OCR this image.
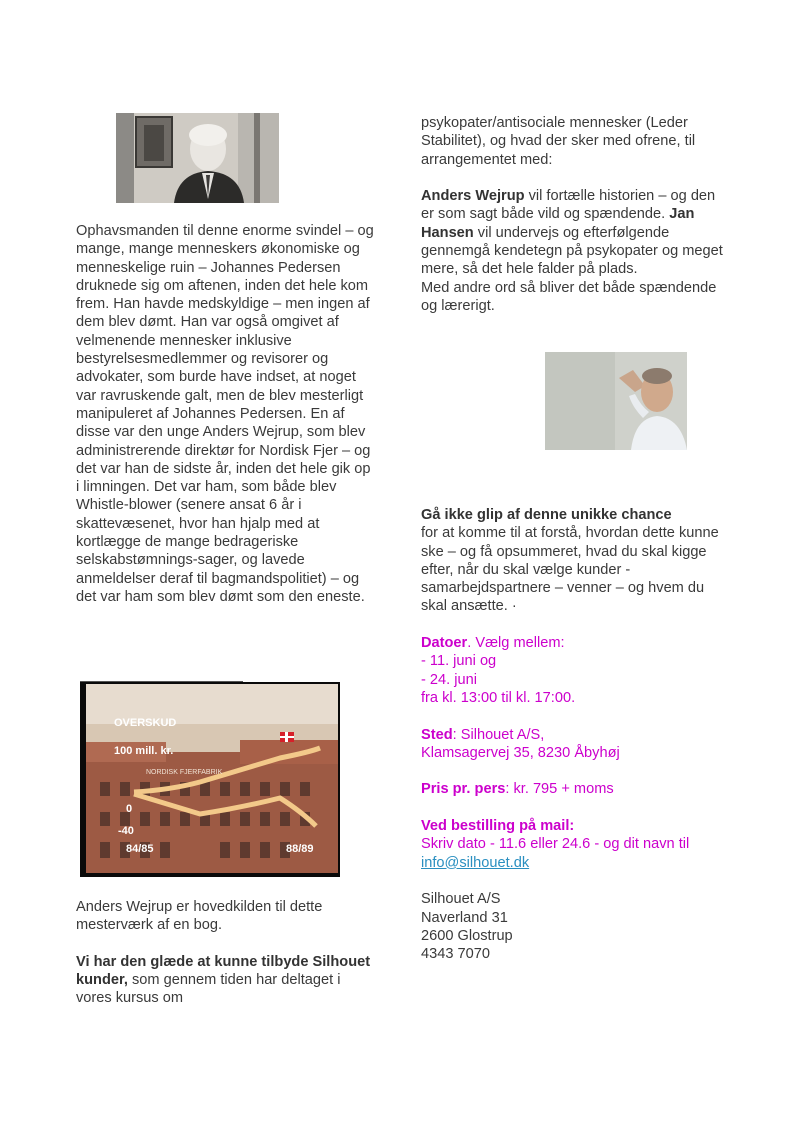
OVERSKUD
100 mill. kr.
NORDISK FJERFABRIK
0
-40
84/85	88/89

Ophavsmanden til denne enorme svindel – og mange, mange menneskers økonomiske og menneskelige ruin – Johannes Pedersen druknede sig om aftenen, inden det hele kom frem. Han havde medskyldige – men ingen af dem blev dømt. Han var også omgivet af velmenende mennesker inklusive bestyrelsesmedlemmer og revisorer og advokater, som burde have indset, at noget var ravruskende galt, men de blev mesterligt manipuleret af Johannes Pedersen. En af disse var den unge Anders Wejrup, som blev administrerende direktør for Nordisk Fjer – og det var han de sidste år, inden det hele gik op i limningen. Det var ham, som både blev Whistle-blower (senere ansat 6 år i skattevæsenet, hvor han hjalp med at kortlægge de mange bedrageriske selskabstømnings-sager, og lavede anmeldelser deraf til bagmandspolitiet) – og det var ham som blev dømt som den eneste.

Anders Wejrup er hovedkilden til dette mesterværk af en bog.

Vi har den glæde at kunne tilbyde Silhouet kunder, som gennem tiden har deltaget i vores kursus om

psykopater/antisociale mennesker (Leder Stabilitet), og hvad der sker med ofrene, til arrangementet med:

Anders Wejrup vil fortælle historien – og den er som sagt både vild og spændende. Jan Hansen vil undervejs og efterfølgende gennemgå kendetegn på psykopater og meget mere, så det hele falder på plads.

Med andre ord så bliver det både spændende og lærerigt.

Gå ikke glip af denne unikke chance
for at komme til at forstå, hvordan dette kunne ske – og få opsummeret, hvad du skal kigge efter, når du skal vælge kunder - samarbejdspartnere – venner – og hvem du skal ansætte. ·

Datoer. Vælg mellem:
- 11. juni og
- 24. juni
fra kl. 13:00 til kl. 17:00.

Sted: Silhouet A/S,
Klamsagervej 35, 8230 Åbyhøj

Pris pr. pers: kr. 795 + moms

Ved bestilling på mail:
Skriv dato - 11.6 eller 24.6 - og dit navn til
info@silhouet.dk

Silhouet A/S
Naverland 31
2600 Glostrup
4343 7070
